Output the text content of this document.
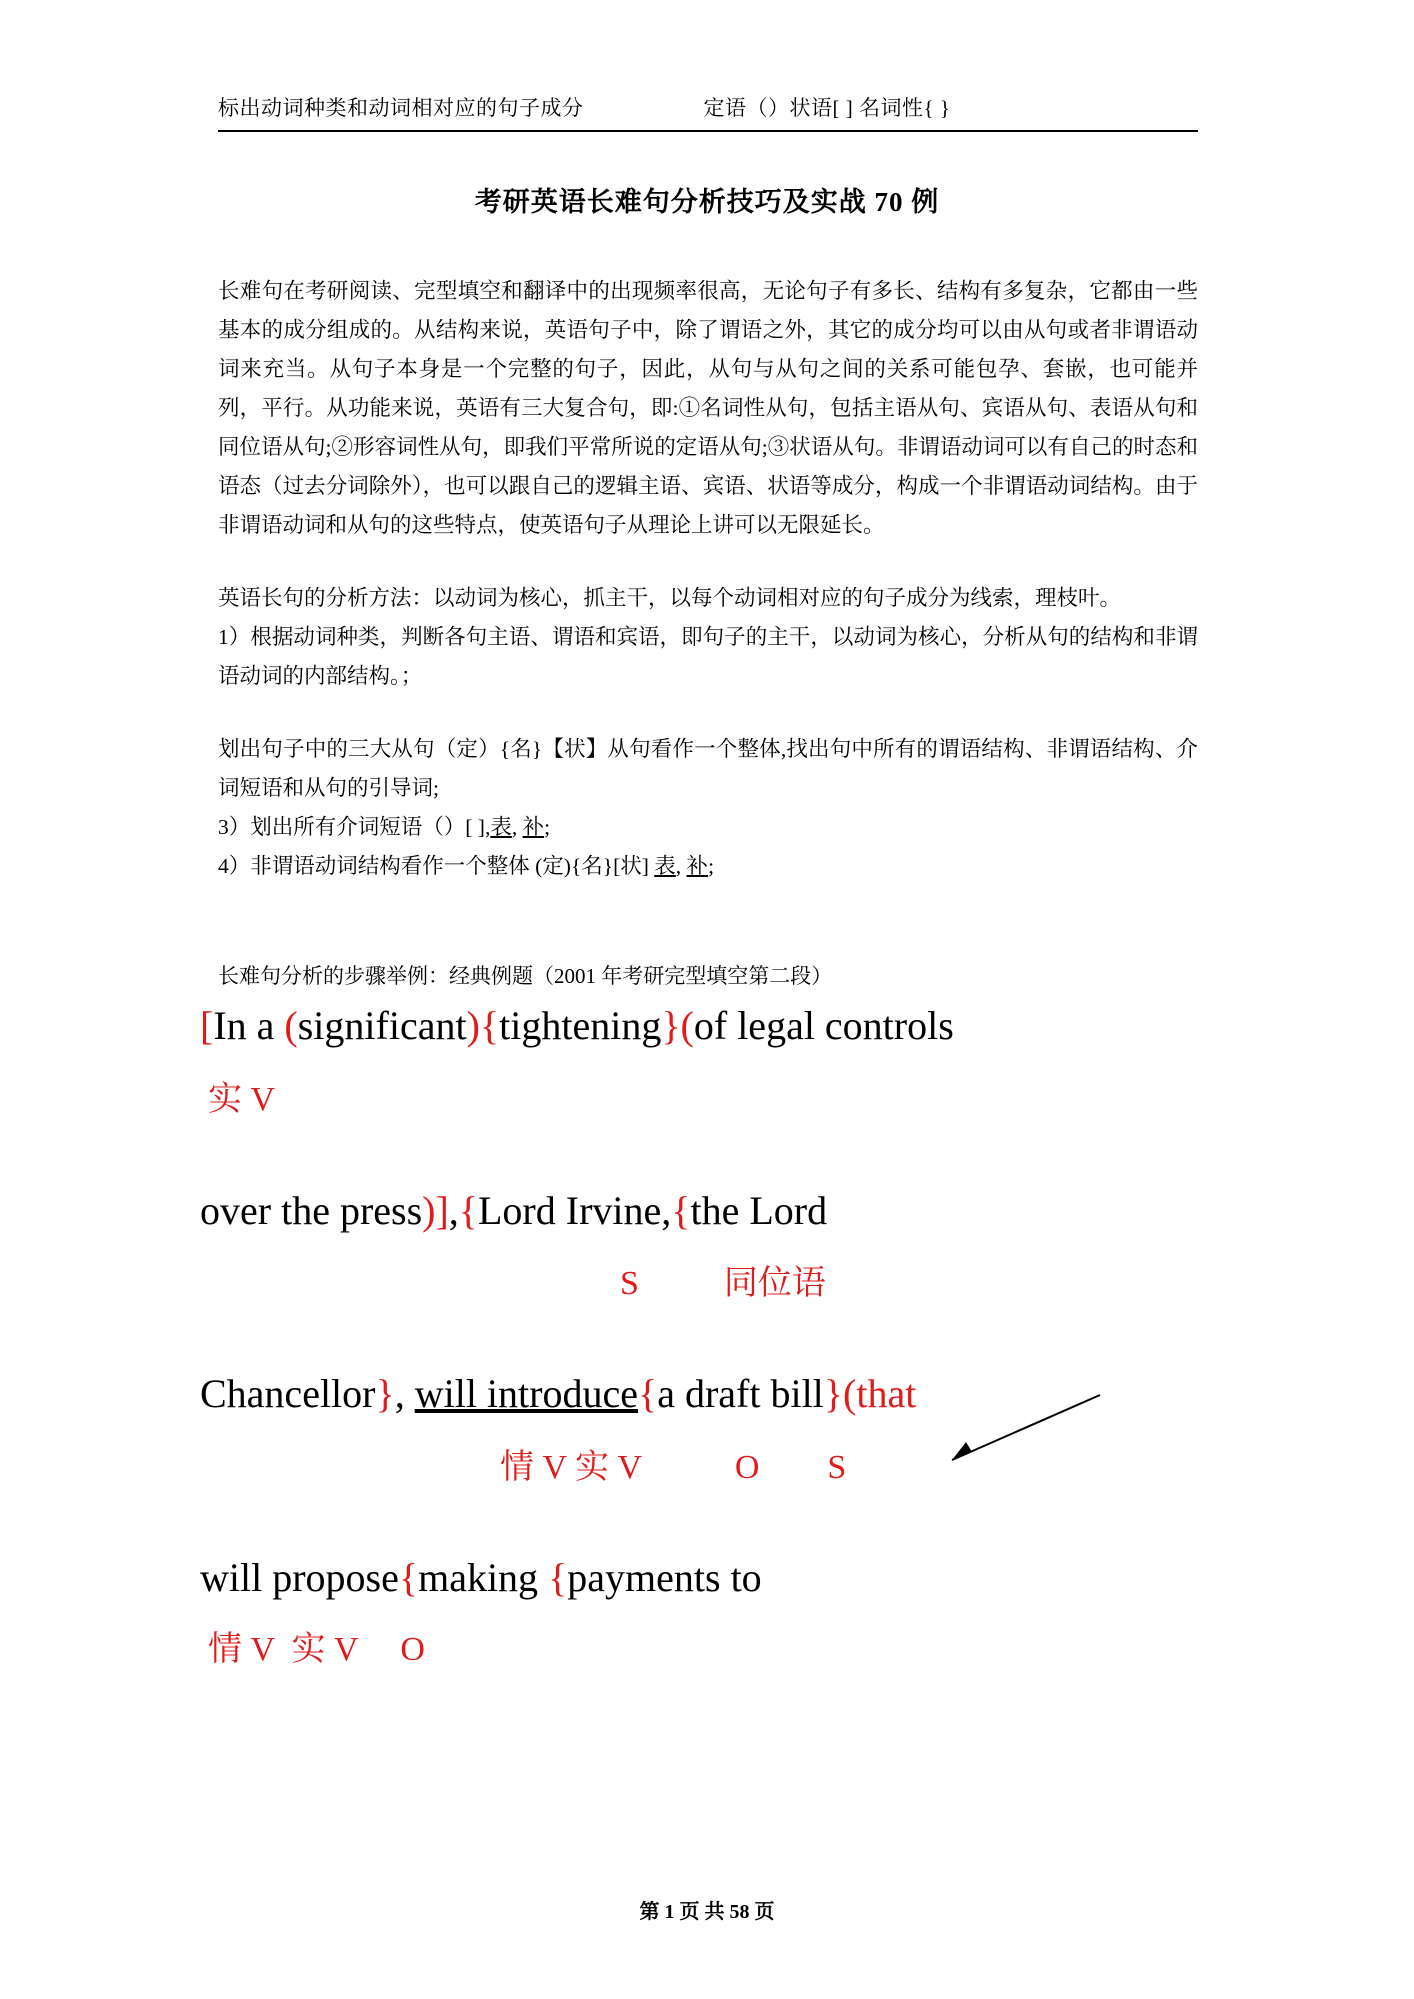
标出动词种类和动词相对应的句子成分	定语（）状语[ ] 名词性{ }
考研英语长难句分析技巧及实战 70 例

长难句在考研阅读、完型填空和翻译中的出现频率很高，无论句子有多长、结构有多复杂，它都由一些基本的成分组成的。从结构来说，英语句子中，除了谓语之外，其它的成分均可以由从句或者非谓语动词来充当。从句子本身是一个完整的句子，因此，从句与从句之间的关系可能包孕、套嵌，也可能并列，平行。从功能来说，英语有三大复合句，即:①名词性从句，包括主语从句、宾语从句、表语从句和同位语从句;②形容词性从句，即我们平常所说的定语从句;③状语从句。非谓语动词可以有自己的时态和语态（过去分词除外），也可以跟自己的逻辑主语、宾语、状语等成分，构成一个非谓语动词结构。由于非谓语动词和从句的这些特点，使英语句子从理论上讲可以无限延长。

英语长句的分析方法：以动词为核心，抓主干，以每个动词相对应的句子成分为线索，理枝叶。

1）根据动词种类，判断各句主语、谓语和宾语，即句子的主干，以动词为核心，分析从句的结构和非谓语动词的内部结构。；

划出句子中的三大从句（定）{名}【状】从句看作一个整体,找出句中所有的谓语结构、非谓语结构、介词短语和从句的引导词;

3）划出所有介词短语（）[ ],表, 补;

4）非谓语动词结构看作一个整体 (定){名}[状] 表, 补;

长难句分析的步骤举例：经典例题（2001 年考研完型填空第二段）
[In a (significant){tightening}(of legal controls
实 V
over the press)],{Lord Irvine,{the Lord
S          同位语
Chancellor}, will introduce{a draft bill}(that
情 V 实 V           O        S
will propose{making {payments to
情 V  实 V     O
第 1 页 共 58 页
